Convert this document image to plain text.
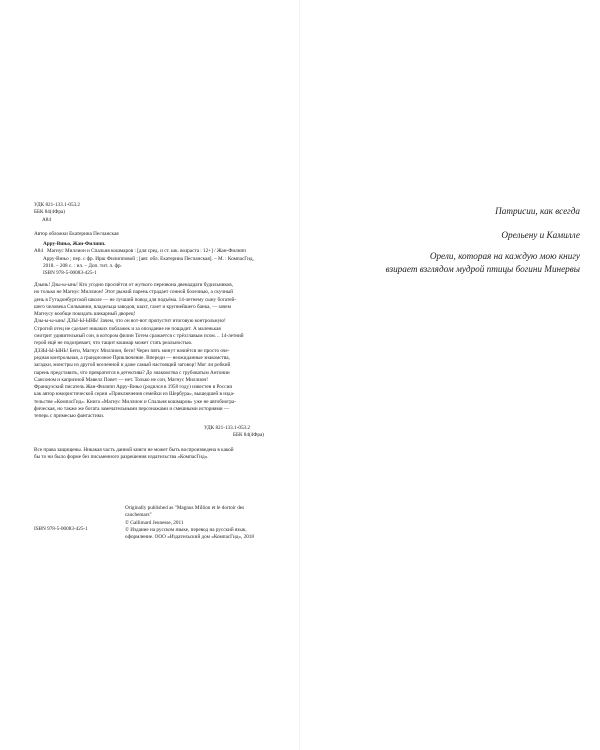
УДК 821-133.1-053.2
ББК 84(4Фра)
А84
Автор обложки Екатерина Песчанская
Арру-Вињо, Жан-Филипп.
А84 Магнус Миллион и Спальня кошмаров : [для сред. и ст. шк. возраста : 12+] / Жан-Филипп
Арру-Вињо ; пер. с фр. Ирш Филипповой ; [авт. обл. Екатерина Песчанская]. – М. : КомпасГид,
2018. – 208 с. : ил. – Доп. тит. л. фр.
ISBN 978-5-00083-425-1

Дзынь! Дзы-ы-ынь! Кто угодно проснётся от жуткого перезвона двенадцати будильников,

но только не Магнус Миллион! Этот рыжий парень страдает сонной болезнью, а скучный

день в Гутадонбургской школе — не лучший повод для подъёма. 14-летнему сыну богатей-

шего человека Сильвании, владельца заводов, шахт, газет и крупнейшего банка, — зачем

Магнусу вообще покидать шикарный дворец!

Дзы-ы-ы-ынь! ДЗЫ-Ы-ЫНЬ! Зачем, что он вот-вот пропустит итоговую контрольную!

Строгий отец не сделает никаких поблажек и за опоздание не пощадит. А маленькая

смотрит удивительный сон, в котором филин Тотем сражается с трёхглавым псом… 14-летний

герой ещё не подозревает, что тащит кошмар может стать реальностью.

ДЗЗЫ-Ы-ЫНЬ! Беги, Магнус Миллион, беги! Через пять минут начнётся не просто оче-

редная контрольная, а грандиозное Приключение. Впереди — неожиданные знакомства,

загадки, монстры из другой вселенной и даже самый настоящий заговор! Мог ли робкий

парень представить, что превратится в детектива? До знакомства с грубоватым Антонии

Сансоном и капризной Мавелл Повет — нет. Только не сон, Магнус Миллион!

Французский писатель Жан-Филипп Арру-Вињо (родился в 1958 году) известен в России

как автор юмористической серии «Приключения семейки из Шербура», вышедшей в изда-

тельстве «КомпасГид». Книга «Магнус Миллион и Спальня кошмаров» уже не автобиогра-

фическая, но также же богата замечательными персонажами и смешными историями —

теперь с примесью фантастики.

УДК 821-133.1-053.2
ББК 84(4Фра)
Все права защищены. Никакая часть данной книги не может быть воспроизведена в какой
бы то ни было форме без письменного разрешения издательства «КомпасГид».
Originally published as "Magnus Million et le dortoir des
cauchemars"
© Gallimard Jeunesse, 2011
© Издание на русском языке, перевод на русский язык,
оформление. ООО «Издательский дом «КомпасГид», 2018
ISBN 978-5-00083-425-1
Патрисии, как всегда
Орельену и Камилле
Орели, которая на каждую мою книгу
взирает взглядом мудрой птицы богини Минервы
